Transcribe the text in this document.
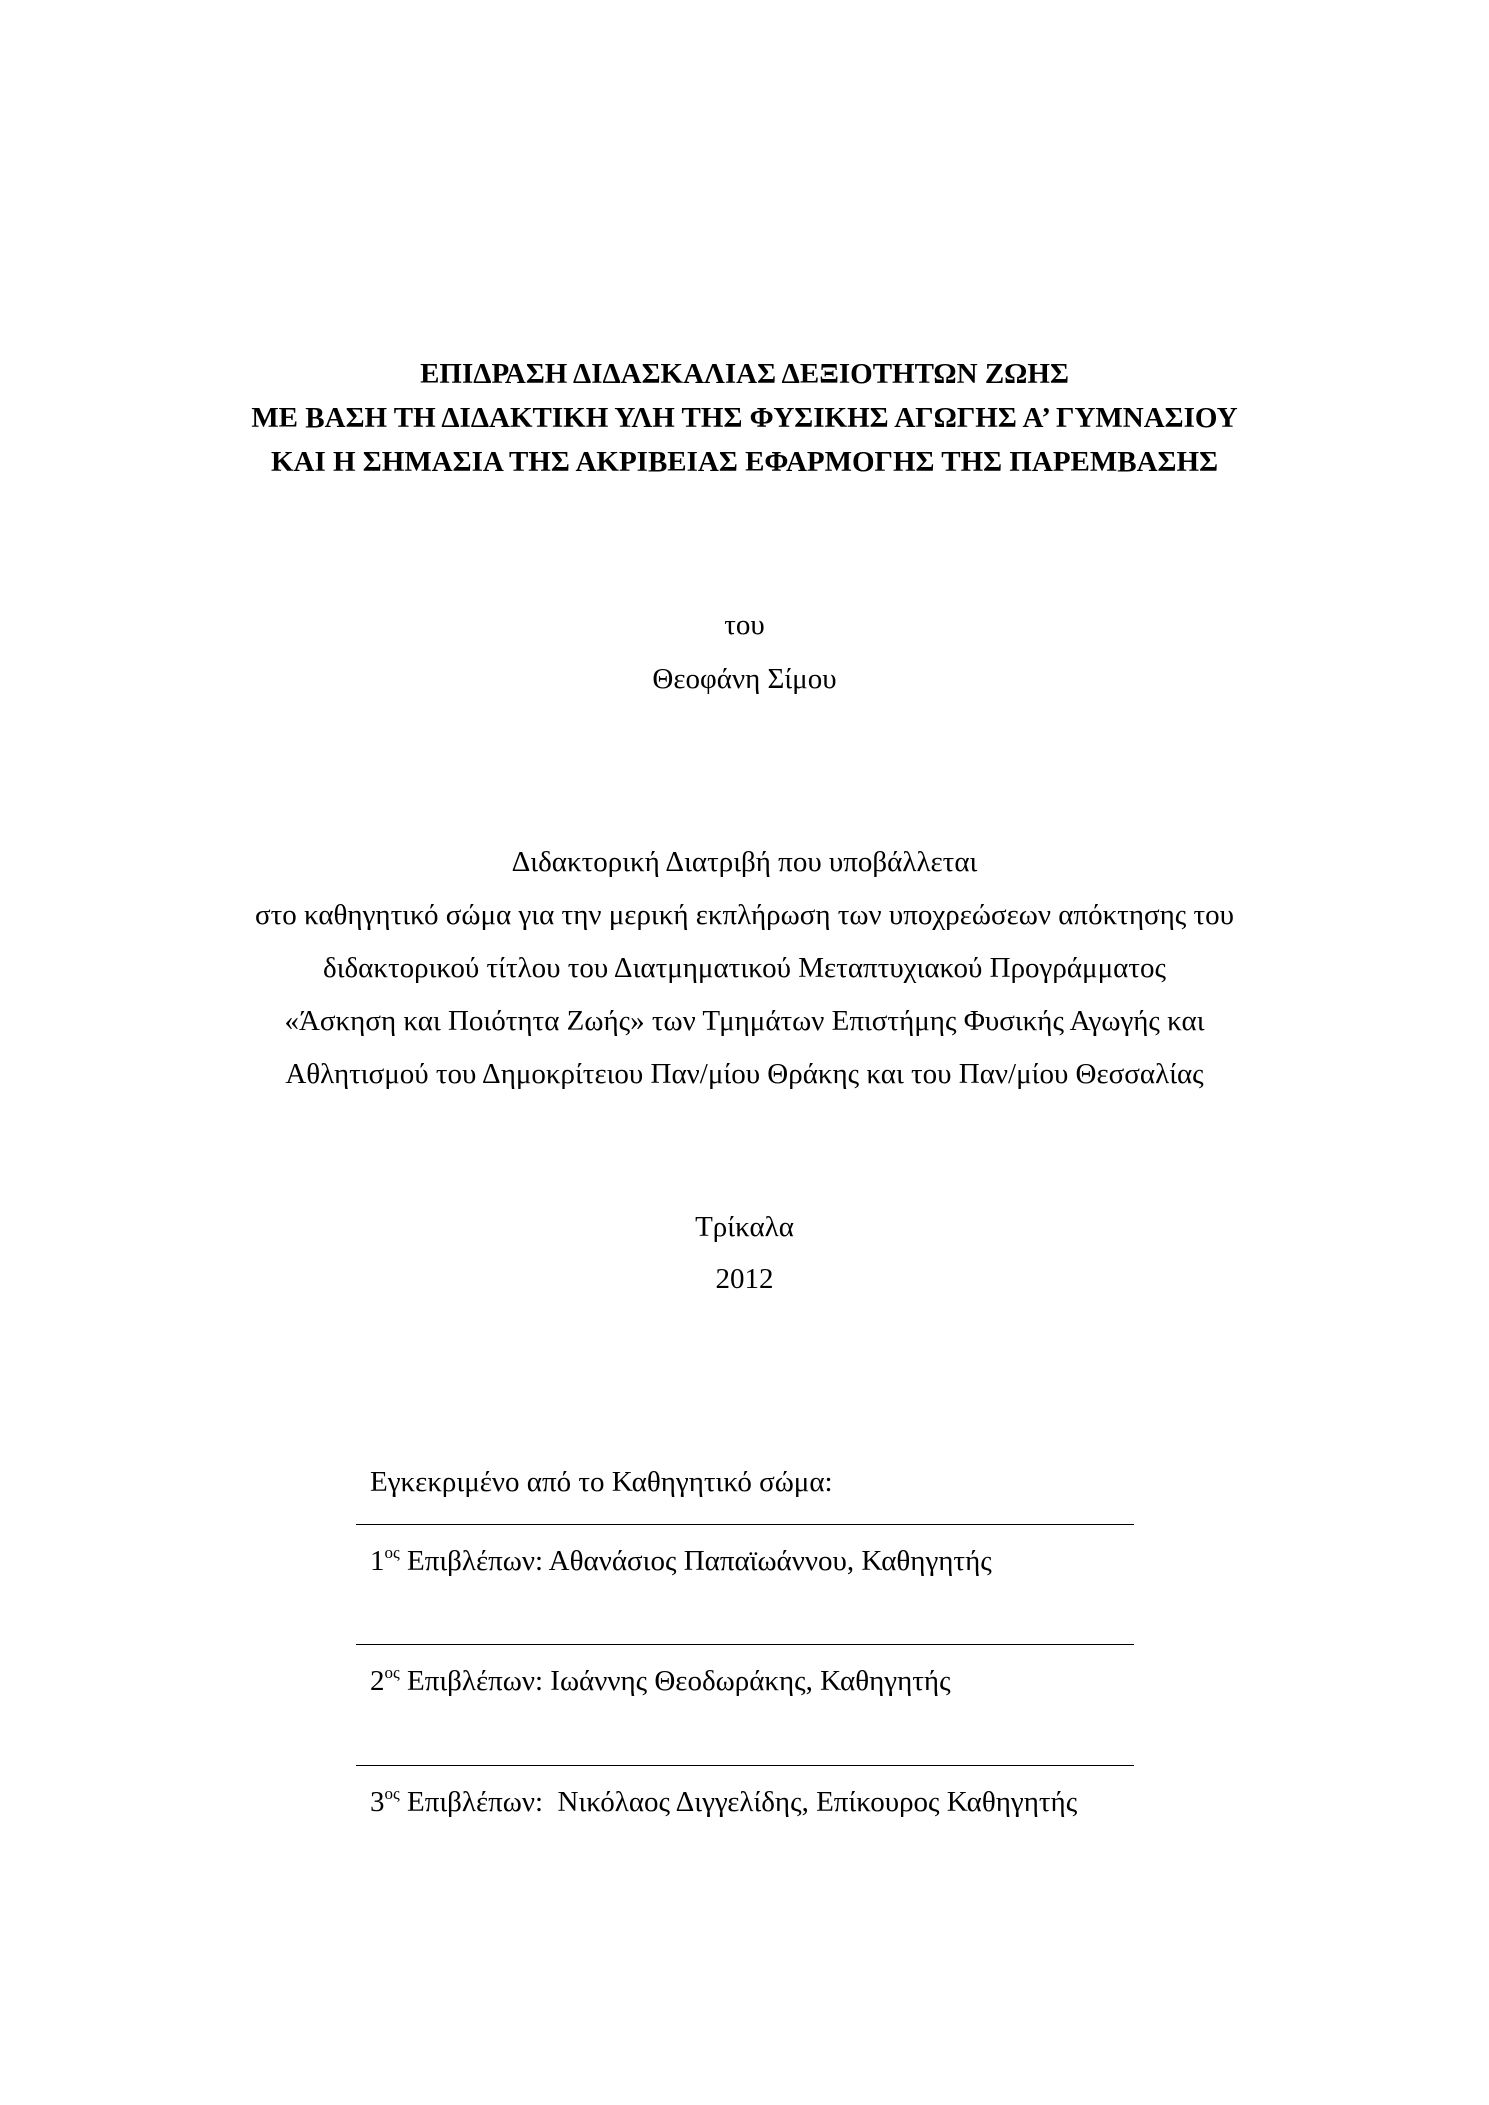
ΕΠΙΔΡΑΣΗ ΔΙΔΑΣΚΑΛΙΑΣ ΔΕΞΙΟΤΗΤΩΝ ΖΩΗΣ
ΜΕ ΒΑΣΗ ΤΗ ΔΙΔΑΚΤΙΚΗ ΥΛΗ ΤΗΣ ΦΥΣΙΚΗΣ ΑΓΩΓΗΣ Α’ ΓΥΜΝΑΣΙΟΥ
ΚΑΙ Η ΣΗΜΑΣΙΑ ΤΗΣ ΑΚΡΙΒΕΙΑΣ ΕΦΑΡΜΟΓΗΣ ΤΗΣ ΠΑΡΕΜΒΑΣΗΣ
του
Θεοφάνη Σίμου
Διδακτορική Διατριβή που υποβάλλεται
στο καθηγητικό σώμα για την μερική εκπλήρωση των υποχρεώσεων απόκτησης του
διδακτορικού τίτλου του Διατμηματικού Μεταπτυχιακού Προγράμματος
«Άσκηση και Ποιότητα Ζωής» των Τμημάτων Επιστήμης Φυσικής Αγωγής και
Αθλητισμού του Δημοκρίτειου Παν/μίου Θράκης και του Παν/μίου Θεσσαλίας
Τρίκαλα
2012
Εγκεκριμένο από το Καθηγητικό σώμα:
$1^{o\varsigma}$ Επιβλέπων: Αθανάσιος Παπαϊωάννου, Καθηγητής
$2^{o\varsigma}$ Επιβλέπων: Ιωάννης Θεοδωράκης, Καθηγητής
$3^{o\varsigma}$ Επιβλέπων:  Νικόλαος Διγγελίδης, Επίκουρος Καθηγητής
